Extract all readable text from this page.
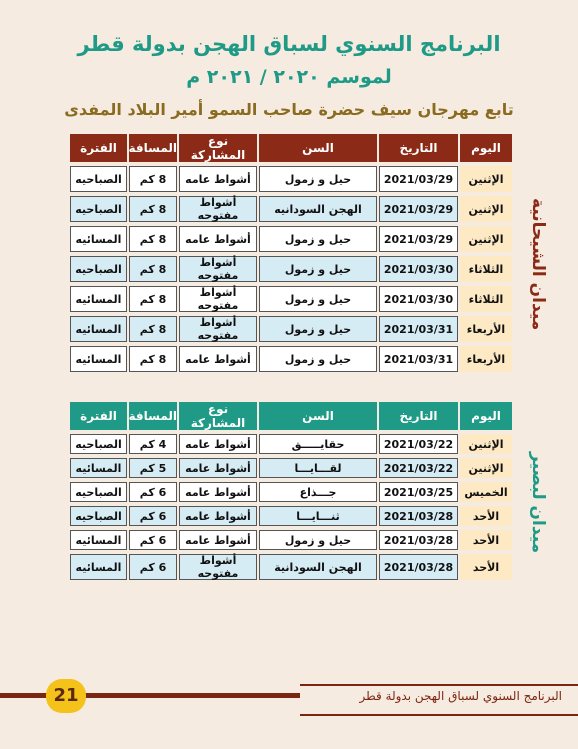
البرنامج السنوي لسباق الهجن بدولة قطر
لموسم ٢٠٢٠ / ٢٠٢١ م
تابع مهرجان سيف حضرة صاحب السمو أمير البلاد المفدى
اليوم	التاريخ	السن	نوع المشاركة	المسافة	الفترة
الإثنين	2021/03/29	حيل و زمول	أشواط عامه	8 كم	الصباحيه
الإثنين	2021/03/29	الهجن السودانيه	أشواط مفتوحه	8 كم	الصباحيه
الإثنين	2021/03/29	حيل و زمول	أشواط عامه	8 كم	المسائيه
الثلاثاء	2021/03/30	حيل و زمول	أشواط مفتوحه	8 كم	الصباحيه
الثلاثاء	2021/03/30	حيل و زمول	أشواط مفتوحه	8 كم	المسائيه
الأربعاء	2021/03/31	حيل و زمول	أشواط مفتوحه	8 كم	المسائيه
الأربعاء	2021/03/31	حيل و زمول	أشواط عامه	8 كم	المسائيه
ميدان الشيحانية
اليوم	التاريخ	السن	نوع المشاركة	المسافة	الفترة
الإثنين	2021/03/22	حقايـــــق	أشواط عامه	4 كم	الصباحيه
الإثنين	2021/03/22	لقـــايـــا	أشواط عامه	5 كم	المسائيه
الخميس	2021/03/25	جـــذاع	أشواط عامه	6 كم	الصباحيه
الأحد	2021/03/28	ثنـــايـــا	أشواط عامه	6 كم	الصباحيه
الأحد	2021/03/28	حيل و زمول	أشواط عامه	6 كم	المسائيه
الأحد	2021/03/28	الهجن السودانية	أشواط مفتوحه	6 كم	المسائيه
ميدان لبصير
البرنامج السنوي لسباق الهجن بدولة قطر
21
